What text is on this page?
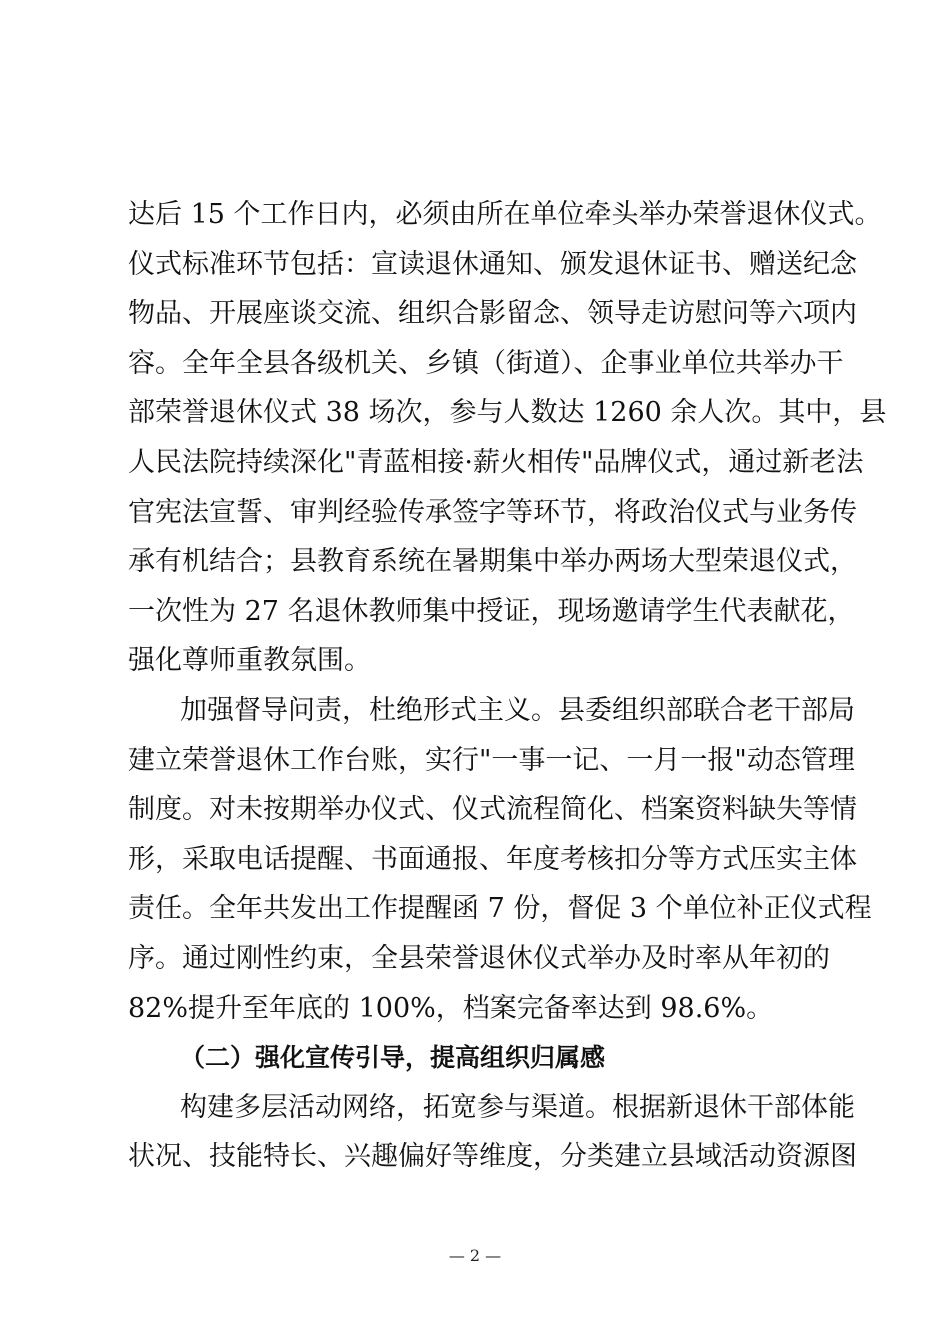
达后 15 个工作日内，必须由所在单位牵头举办荣誉退休仪式。
仪式标准环节包括：宣读退休通知、颁发退休证书、赠送纪念
物品、开展座谈交流、组织合影留念、领导走访慰问等六项内
容。全年全县各级机关、乡镇（街道）、企事业单位共举办干
部荣誉退休仪式 38 场次，参与人数达 1260 余人次。其中，县
人民法院持续深化"青蓝相接·薪火相传"品牌仪式，通过新老法
官宪法宣誓、审判经验传承签字等环节，将政治仪式与业务传
承有机结合；县教育系统在暑期集中举办两场大型荣退仪式，
一次性为 27 名退休教师集中授证，现场邀请学生代表献花，
强化尊师重教氛围。
加强督导问责，杜绝形式主义。县委组织部联合老干部局
建立荣誉退休工作台账，实行"一事一记、一月一报"动态管理
制度。对未按期举办仪式、仪式流程简化、档案资料缺失等情
形，采取电话提醒、书面通报、年度考核扣分等方式压实主体
责任。全年共发出工作提醒函 7 份，督促 3 个单位补正仪式程
序。通过刚性约束，全县荣誉退休仪式举办及时率从年初的
82%提升至年底的 100%，档案完备率达到 98.6%。
（二）强化宣传引导，提高组织归属感
构建多层活动网络，拓宽参与渠道。根据新退休干部体能
状况、技能特长、兴趣偏好等维度，分类建立县域活动资源图
— 2 —
